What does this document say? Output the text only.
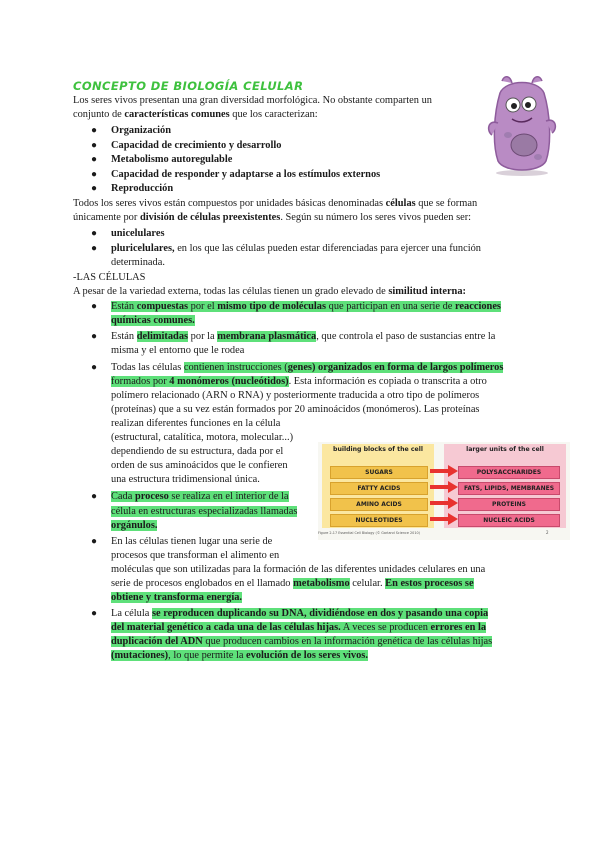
CONCEPTO DE BIOLOGÍA CELULAR
Los seres vivos presentan una gran diversidad morfológica. No obstante comparten un
conjunto de características comunes que los caracterizan:
● Organización
● Capacidad de crecimiento y desarrollo
● Metabolismo autoregulable
● Capacidad de responder y adaptarse a los estímulos externos
● Reproducción
Todos los seres vivos están compuestos por unidades básicas denominadas células que se forman
únicamente por división de células preexistentes. Según su número los seres vivos pueden ser:
● unicelulares
● pluricelulares, en los que las células pueden estar diferenciadas para ejercer una función
determinada.
-LAS CÉLULAS
A pesar de la variedad externa, todas las células tienen un grado elevado de similitud interna:
● Están compuestas por el mismo tipo de moléculas que participan en una serie de reacciones
químicas comunes.
● Están delimitadas por la membrana plasmática, que controla el paso de sustancias entre la
misma y el entorno que le rodea
● Todas las células contienen instrucciones (genes) organizados en forma de largos polímeros
formados por 4 monómeros (nucleótidos). Esta información es copiada o transcrita a otro
polímero relacionado (ARN o RNA) y posteriormente traducida a otro tipo de polímeros
(proteínas) que a su vez están formados por 20 aminoácidos (monómeros). Las proteínas
realizan diferentes funciones en la célula
(estructural, catalítica, motora, molecular...)
dependiendo de su estructura, dada por el
orden de sus aminoácidos que le confieren
una estructura tridimensional única.
● Cada proceso se realiza en el interior de la
célula en estructuras especializadas llamadas
orgánulos.
● En las células tienen lugar una serie de
procesos que transforman el alimento en
moléculas que son utilizadas para la formación de las diferentes unidades celulares en una
serie de procesos englobados en el llamado metabolismo celular. En estos procesos se
obtiene y transforma energía.
● La célula se reproducen duplicando su DNA, dividiéndose en dos y pasando una copia
del material genético a cada una de las células hijas. A veces se producen errores en la
duplicación del ADN que producen cambios en la información genética de las células hijas
(mutaciones), lo que permite la evolución de los seres vivos.
building blocks of the cell	larger units of the cell
SUGARS
FATTY ACIDS
AMINO ACIDS
NUCLEOTIDES
POLYSACCHARIDES
FATS, LIPIDS, MEMBRANES
PROTEINS
NUCLEIC ACIDS
Figure 2-17 Essential Cell Biology (© Garland Science 2010)	2
